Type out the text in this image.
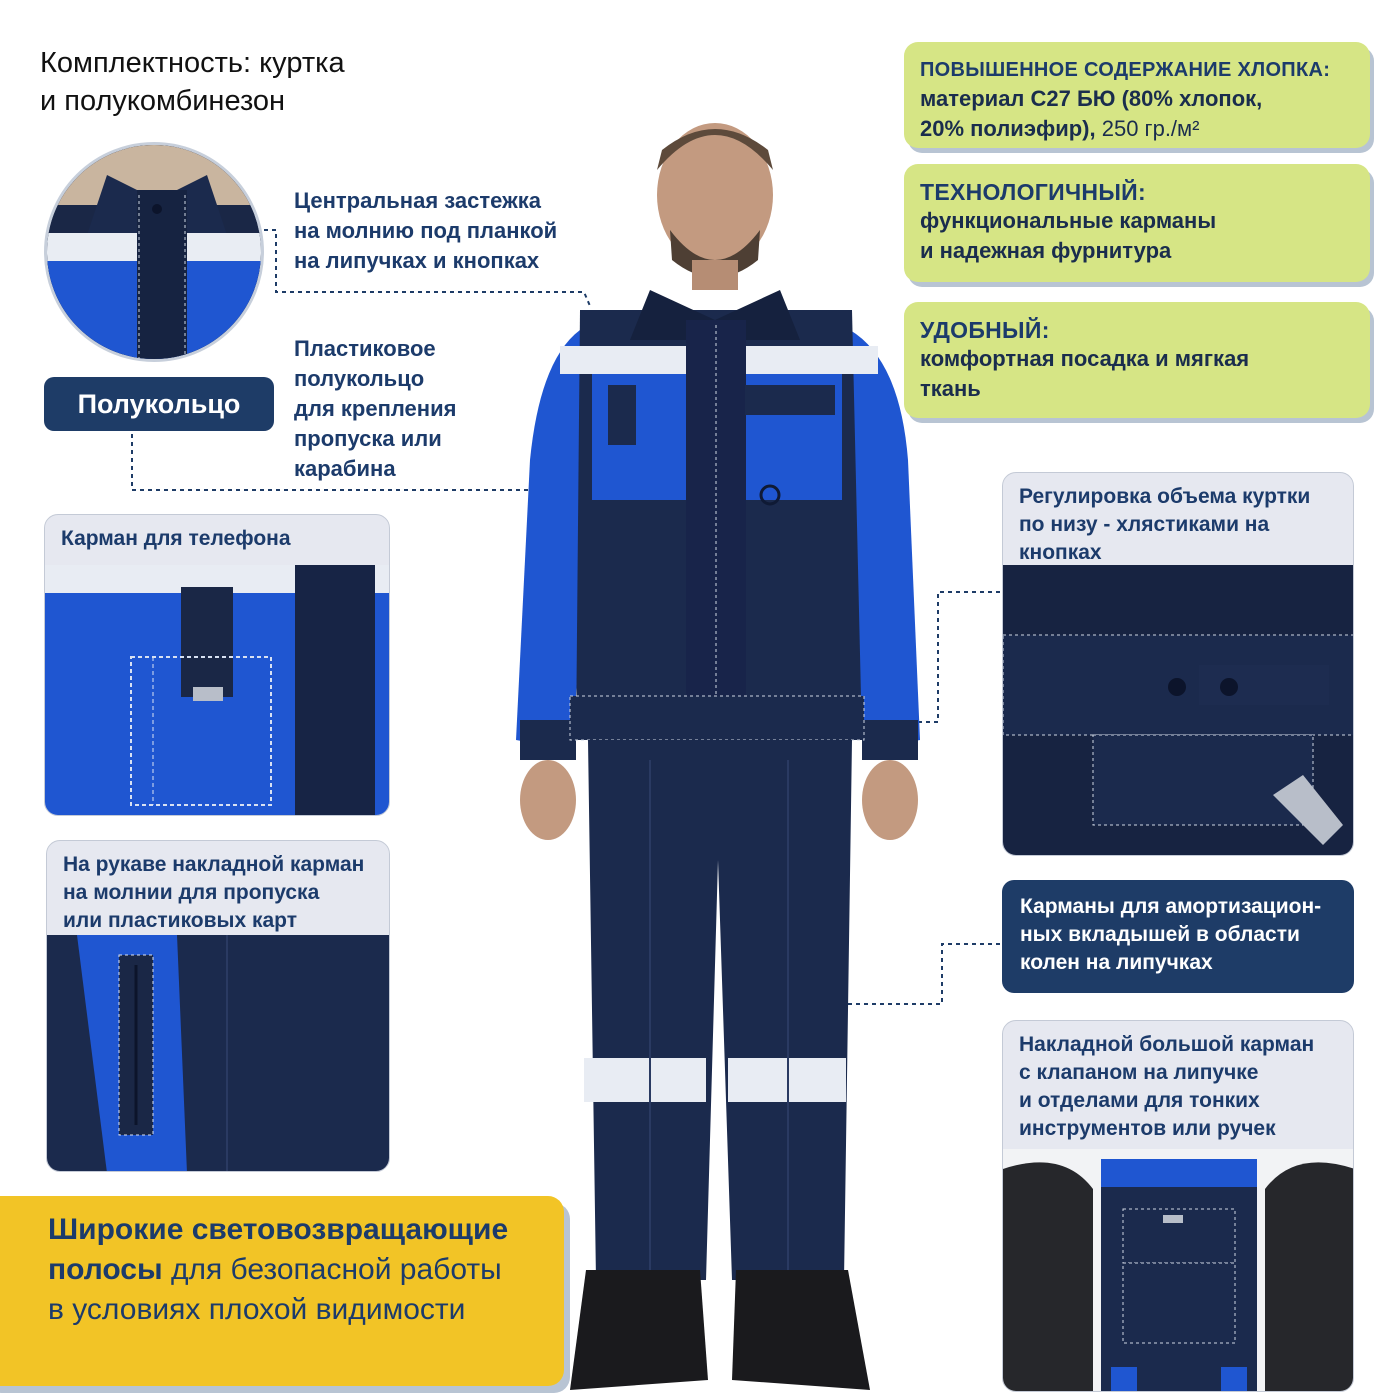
Комплектность: куртка
и полукомбинезон
ПОВЫШЕННОЕ СОДЕРЖАНИЕ ХЛОПКА:
материал С27 БЮ (80% хлопок,
20% полиэфир), 250 гр./м²
ТЕХНОЛОГИЧНЫЙ:
функциональные карманы
и надежная фурнитура
УДОБНЫЙ:
комфортная посадка и мягкая
ткань
Центральная застежка
на молнию под планкой
на липучках и кнопках
Пластиковое
полукольцо
для крепления
пропуска или
карабина
Полукольцо
Карман для телефона
На рукаве накладной карман
на молнии для пропуска
или пластиковых карт
Регулировка объема куртки
по низу - хлястиками на
кнопках
Карманы для амортизацион-
ных вкладышей в области
колен на липучках
Накладной большой карман
с клапаном на липучке
и отделами для тонких
инструментов или ручек

Широкие световозвращающие

полосы для безопасной работы

в условиях плохой видимости
